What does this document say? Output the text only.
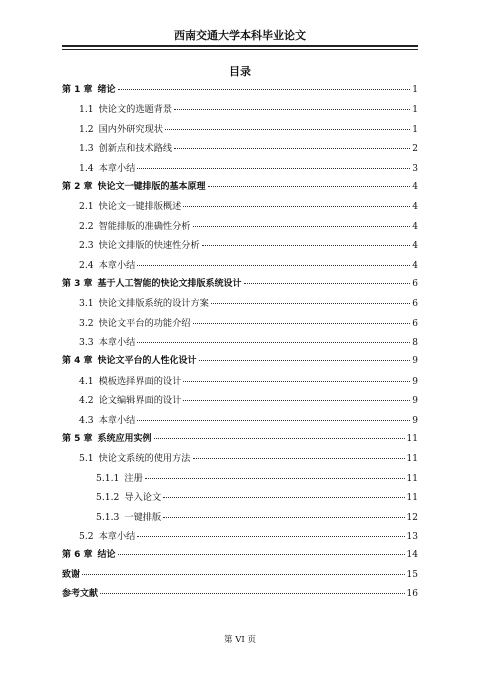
西南交通大学本科毕业论文
目录
第 1 章 绪论	1
1.1 快论文的选题背景	1
1.2 国内外研究现状	1
1.3 创新点和技术路线	2
1.4 本章小结	3
第 2 章 快论文一键排版的基本原理	4
2.1 快论文一键排版概述	4
2.2 智能排版的准确性分析	4
2.3 快论文排版的快速性分析	4
2.4 本章小结	4
第 3 章 基于人工智能的快论文排版系统设计	6
3.1 快论文排版系统的设计方案	6
3.2 快论文平台的功能介绍	6
3.3 本章小结	8
第 4 章 快论文平台的人性化设计	9
4.1 模板选择界面的设计	9
4.2 论文编辑界面的设计	9
4.3 本章小结	9
第 5 章 系统应用实例	11
5.1 快论文系统的使用方法	11
5.1.1 注册	11
5.1.2 导入论文	11
5.1.3 一键排版	12
5.2 本章小结	13
第 6 章 结论	14
致谢	15
参考文献	16
第 VI 页
